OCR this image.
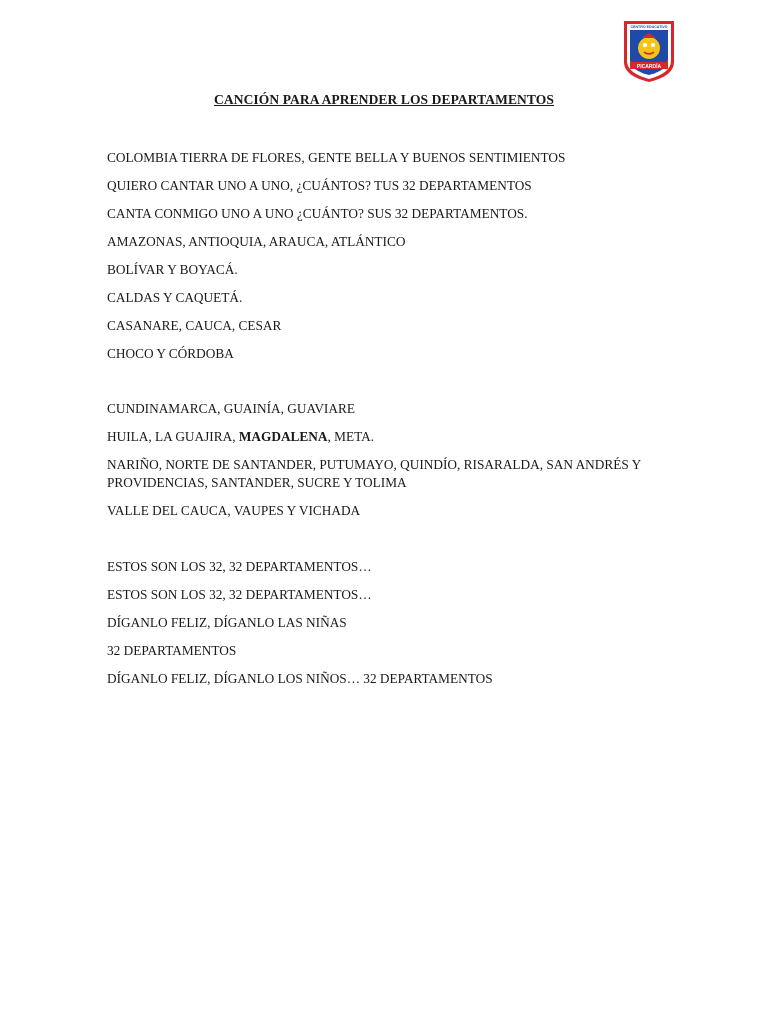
CENTRO EDUCATIVO
PICARDÍA
INFANTIL
CANCIÓN PARA APRENDER LOS DEPARTAMENTOS
COLOMBIA TIERRA DE FLORES, GENTE BELLA Y BUENOS SENTIMIENTOS
QUIERO CANTAR UNO A UNO, ¿CUÁNTOS? TUS 32 DEPARTAMENTOS
CANTA CONMIGO UNO A UNO ¿CUÁNTO? SUS 32 DEPARTAMENTOS.
AMAZONAS, ANTIOQUIA, ARAUCA, ATLÁNTICO
BOLÍVAR Y BOYACÁ.
CALDAS Y CAQUETÁ.
CASANARE, CAUCA, CESAR
CHOCO Y CÓRDOBA
CUNDINAMARCA, GUAINÍA, GUAVIARE
HUILA, LA GUAJIRA, MAGDALENA, META.
NARIÑO, NORTE DE SANTANDER, PUTUMAYO, QUINDÍO, RISARALDA, SAN ANDRÉS Y PROVIDENCIAS, SANTANDER, SUCRE Y TOLIMA
VALLE DEL CAUCA, VAUPES Y VICHADA
ESTOS SON LOS 32, 32 DEPARTAMENTOS…
ESTOS SON LOS 32, 32 DEPARTAMENTOS…
DÍGANLO FELIZ, DÍGANLO LAS NIÑAS
32 DEPARTAMENTOS
DÍGANLO FELIZ, DÍGANLO LOS NIÑOS… 32 DEPARTAMENTOS
